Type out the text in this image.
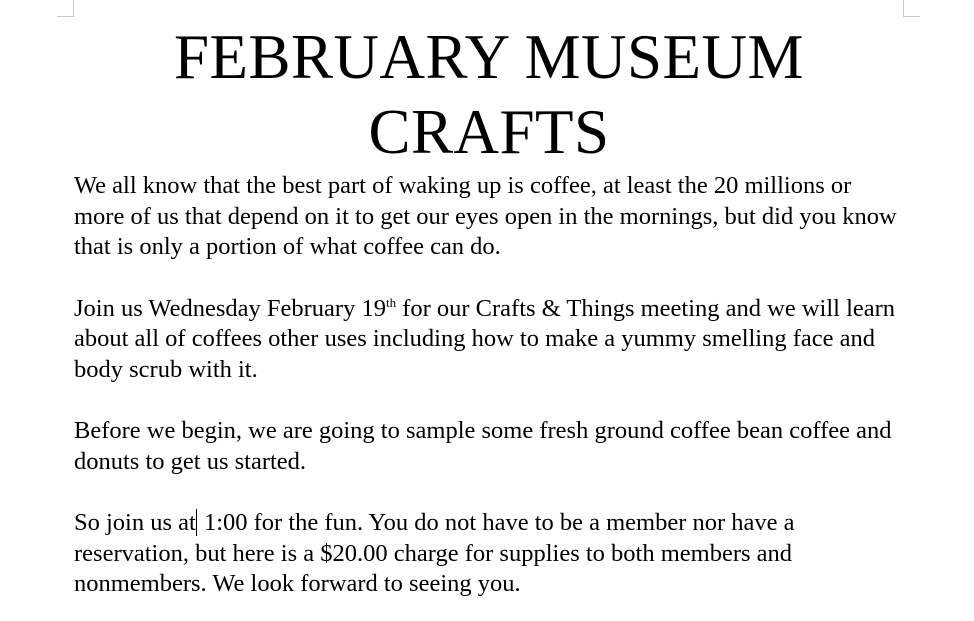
FEBRUARY MUSEUM
CRAFTS

We all know that the best part of waking up is coffee, at least the 20 millions or more of us that depend on it to get our eyes open in the mornings, but did you know that is only a portion of what coffee can do.

Join us Wednesday February 19th for our Crafts & Things meeting and we will learn about all of coffees other uses including how to make a yummy smelling face and body scrub with it.

Before we begin, we are going to sample some fresh ground coffee bean coffee and donuts to get us started.

So join us at 1:00 for the fun. You do not have to be a member nor have a reservation, but here is a $20.00 charge for supplies to both members and nonmembers. We look forward to seeing you.
